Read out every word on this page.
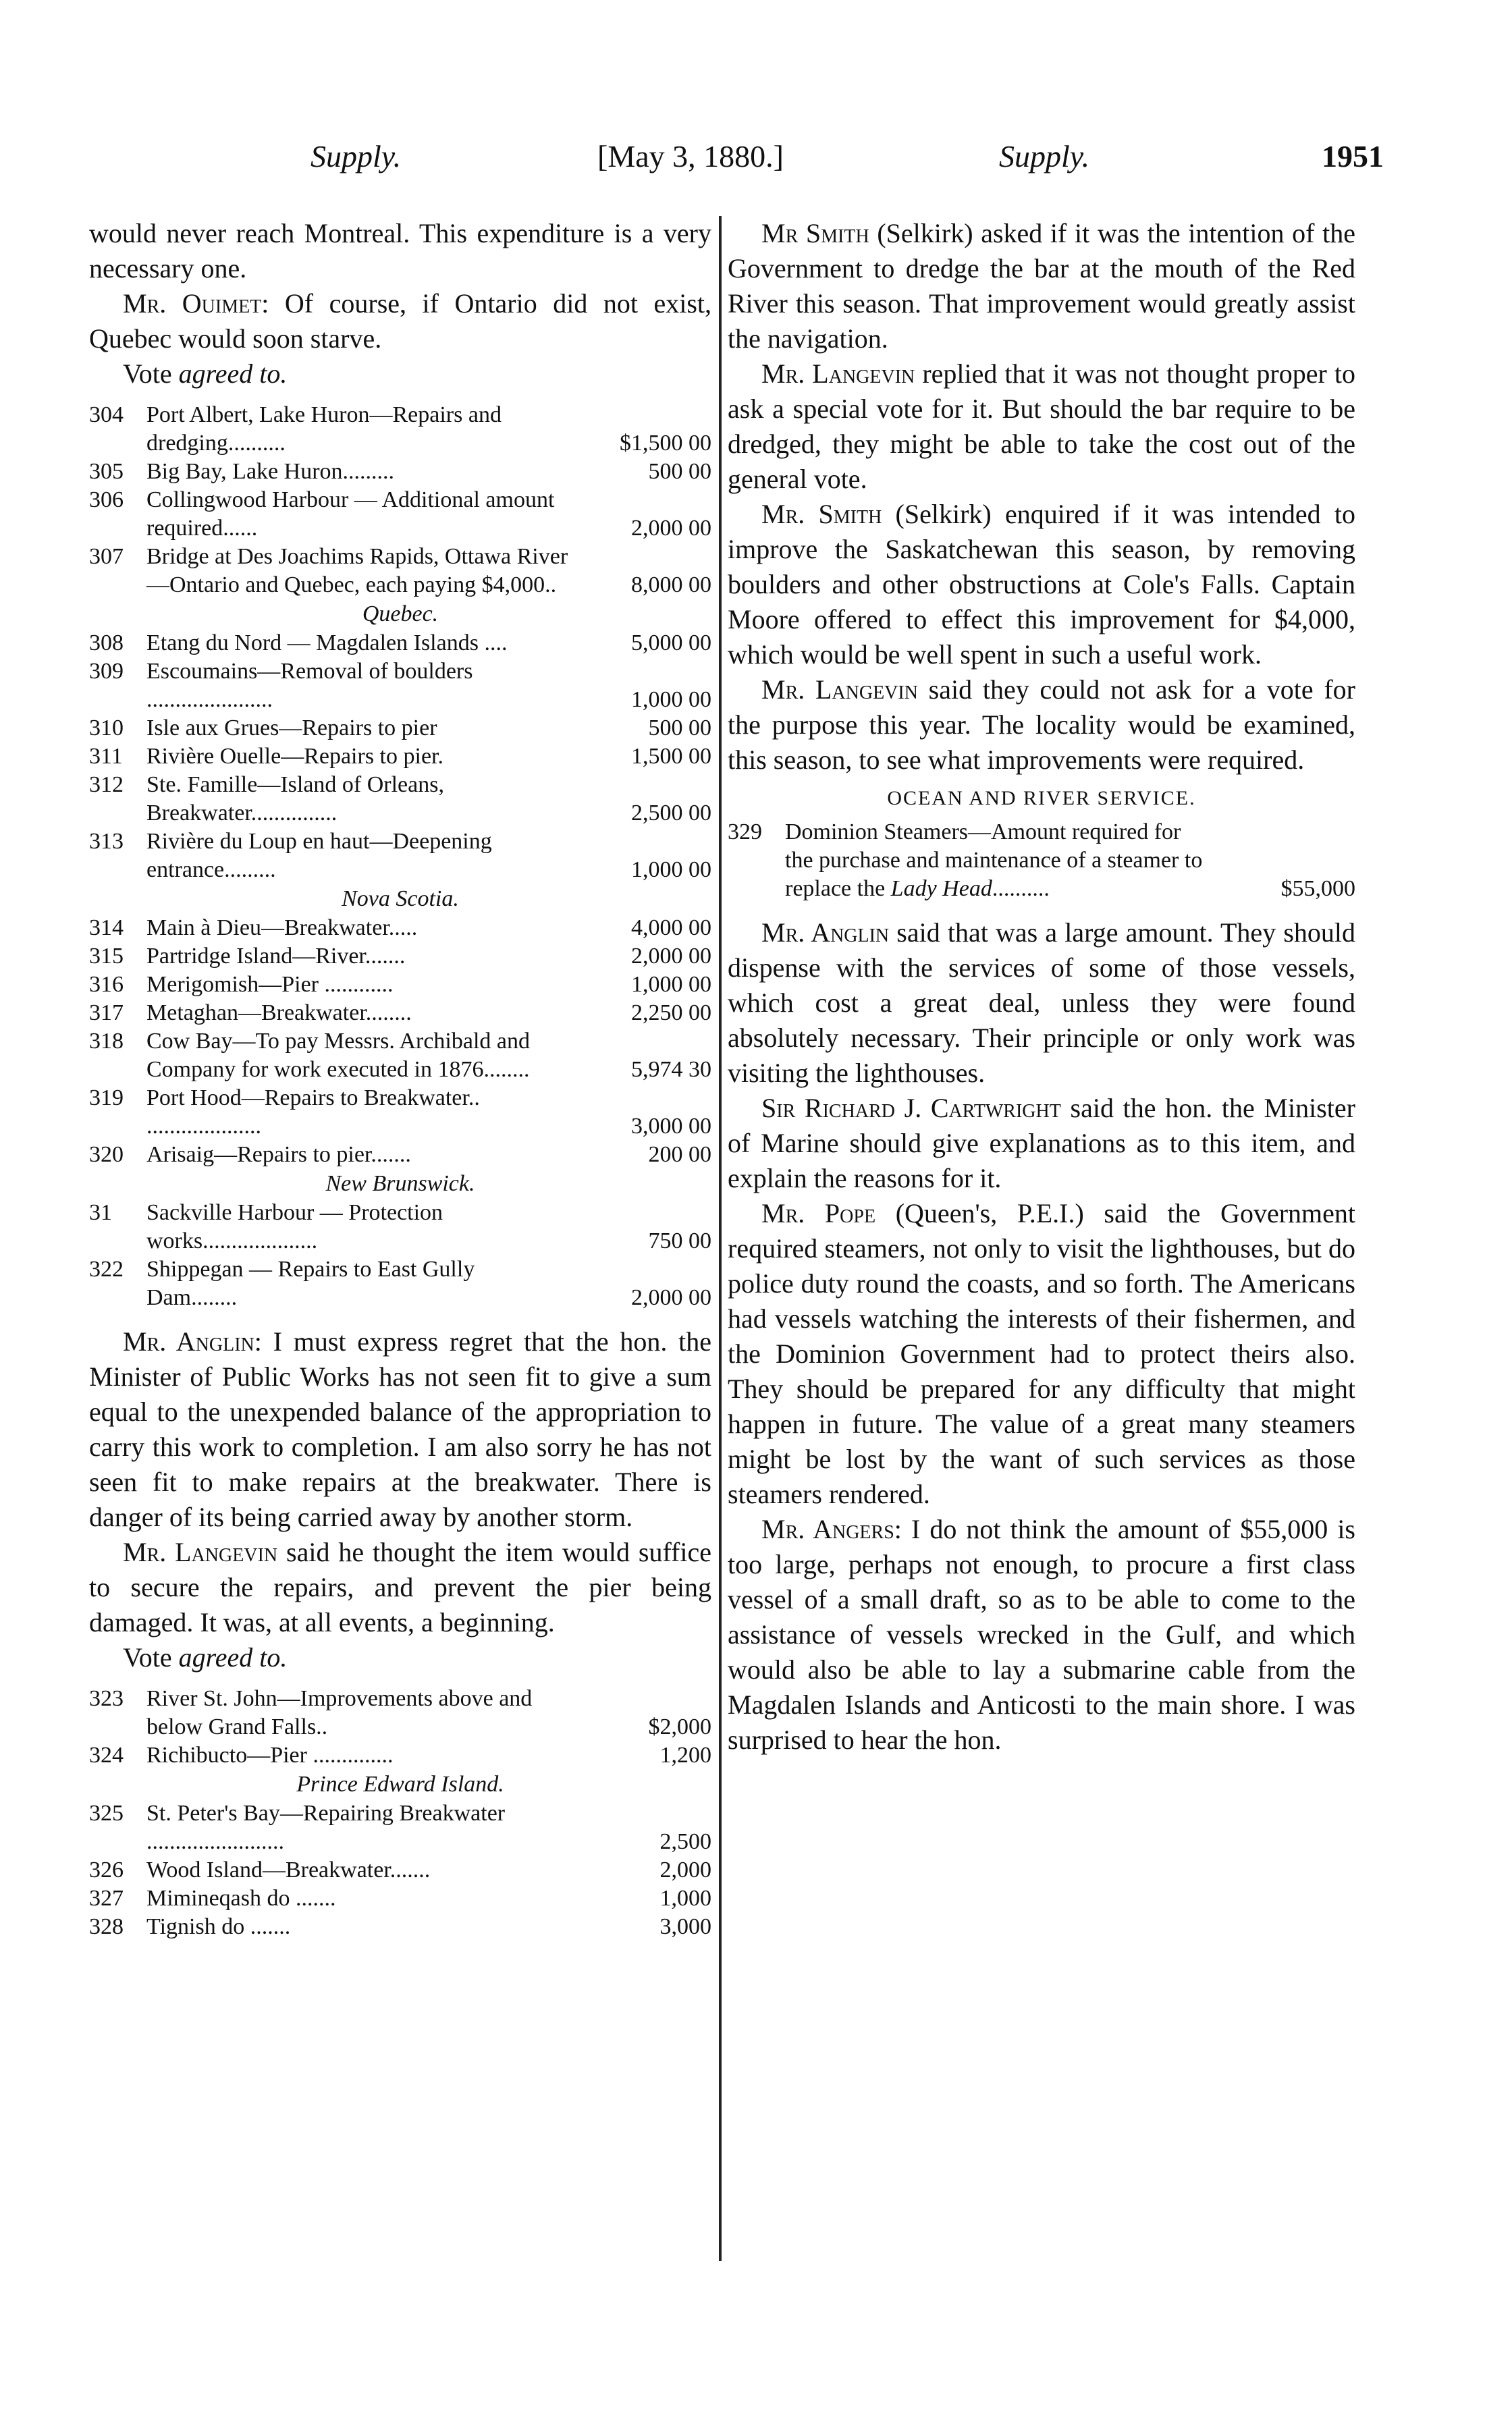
Supply.	[May 3, 1880.]	Supply.	1951

would never reach Montreal. This expenditure is a very necessary one.

Mr. Ouimet: Of course, if Ontario did not exist, Quebec would soon starve.

Vote agreed to.

304	Port Albert, Lake Huron—Repairs and dredging..........	$1,500 00
305	Big Bay, Lake Huron.........	500 00
306	Collingwood Harbour — Additional amount required......	2,000 00
307	Bridge at Des Joachims Rapids, Ottawa River—Ontario and Quebec, each paying $4,000..	8,000 00
Quebec.
308	Etang du Nord — Magdalen Islands ....	5,000 00
309	Escoumains—Removal of boulders ......................	1,000 00
310	Isle aux Grues—Repairs to pier	500 00
311	Rivière Ouelle—Repairs to pier.	1,500 00
312	Ste. Famille—Island of Orleans, Breakwater...............	2,500 00
313	Rivière du Loup en haut—Deepening entrance.........	1,000 00
Nova Scotia.
314	Main à Dieu—Breakwater.....	4,000 00
315	Partridge Island—River.......	2,000 00
316	Merigomish—Pier ............	1,000 00
317	Metaghan—Breakwater........	2,250 00
318	Cow Bay—To pay Messrs. Archibald and Company for work executed in 1876........	5,974 30
319	Port Hood—Repairs to Breakwater.. ....................	3,000 00
320	Arisaig—Repairs to pier.......	200 00
New Brunswick.
31	Sackville Harbour — Protection works....................	750 00
322	Shippegan — Repairs to East Gully Dam........	2,000 00

Mr. Anglin: I must express regret that the hon. the Minister of Public Works has not seen fit to give a sum equal to the unexpended balance of the appropriation to carry this work to completion. I am also sorry he has not seen fit to make repairs at the breakwater. There is danger of its being carried away by another storm.

Mr. Langevin said he thought the item would suffice to secure the repairs, and prevent the pier being damaged. It was, at all events, a beginning.

Vote agreed to.

323	River St. John—Improvements above and below Grand Falls..	$2,000
324	Richibucto—Pier ..............	1,200
Prince Edward Island.
325	St. Peter's Bay—Repairing Breakwater ........................	2,500
326	Wood Island—Breakwater.......	2,000
327	Mimineqash do .......	1,000
328	Tignish do .......	3,000

Mr Smith (Selkirk) asked if it was the intention of the Government to dredge the bar at the mouth of the Red River this season. That improvement would greatly assist the navigation.

Mr. Langevin replied that it was not thought proper to ask a special vote for it. But should the bar require to be dredged, they might be able to take the cost out of the general vote.

Mr. Smith (Selkirk) enquired if it was intended to improve the Saskatchewan this season, by removing boulders and other obstructions at Cole's Falls. Captain Moore offered to effect this improvement for $4,000, which would be well spent in such a useful work.

Mr. Langevin said they could not ask for a vote for the purpose this year. The locality would be examined, this season, to see what improvements were required.

OCEAN AND RIVER SERVICE.
329	Dominion Steamers—Amount required for the purchase and maintenance of a steamer to replace the Lady Head..........	$55,000

Mr. Anglin said that was a large amount. They should dispense with the services of some of those vessels, which cost a great deal, unless they were found absolutely necessary. Their principle or only work was visiting the lighthouses.

Sir Richard J. Cartwright said the hon. the Minister of Marine should give explanations as to this item, and explain the reasons for it.

Mr. Pope (Queen's, P.E.I.) said the Government required steamers, not only to visit the lighthouses, but do police duty round the coasts, and so forth. The Americans had vessels watching the interests of their fishermen, and the Dominion Government had to protect theirs also. They should be prepared for any difficulty that might happen in future. The value of a great many steamers might be lost by the want of such services as those steamers rendered.

Mr. Angers: I do not think the amount of $55,000 is too large, perhaps not enough, to procure a first class vessel of a small draft, so as to be able to come to the assistance of vessels wrecked in the Gulf, and which would also be able to lay a submarine cable from the Magdalen Islands and Anticosti to the main shore. I was surprised to hear the hon.
